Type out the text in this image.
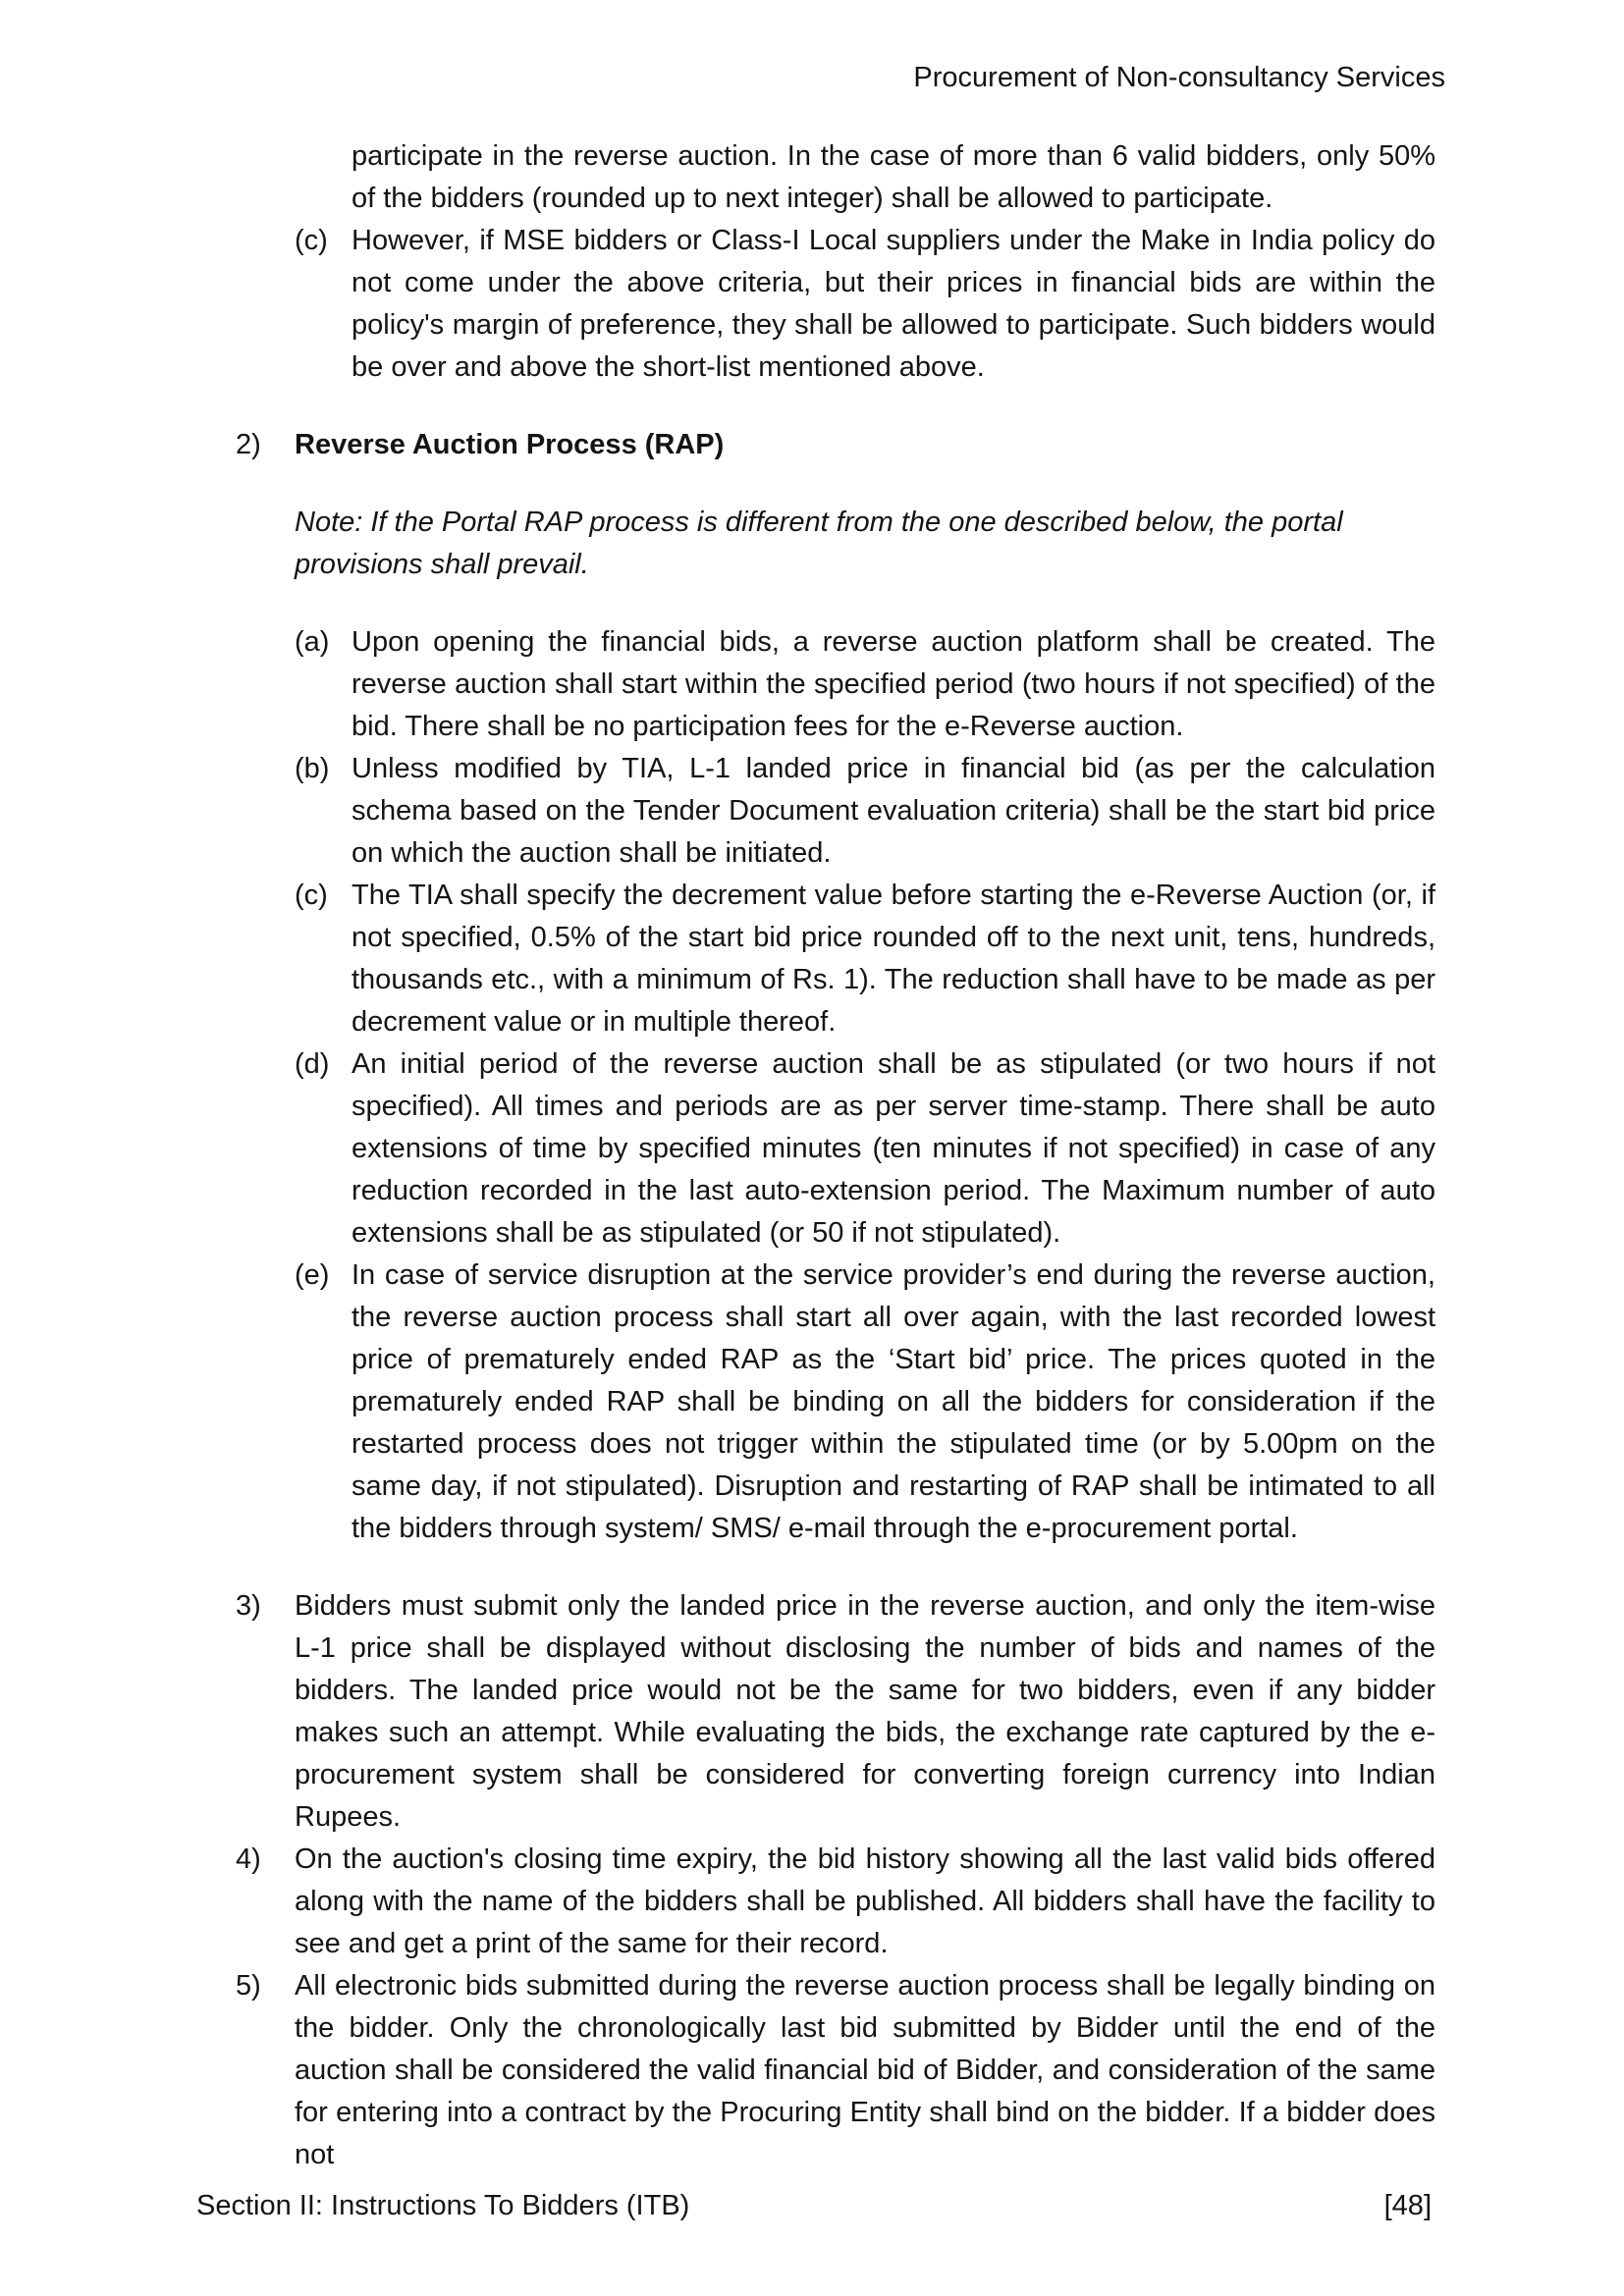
Procurement of Non-consultancy Services

participate in the reverse auction. In the case of more than 6 valid bidders, only 50% of the bidders (rounded up to next integer) shall be allowed to participate.

(c) However, if MSE bidders or Class-I Local suppliers under the Make in India policy do not come under the above criteria, but their prices in financial bids are within the policy's margin of preference, they shall be allowed to participate. Such bidders would be over and above the short-list mentioned above.
2)	Reverse Auction Process (RAP)

Note: If the Portal RAP process is different from the one described below, the portal provisions shall prevail.

(a) Upon opening the financial bids, a reverse auction platform shall be created. The reverse auction shall start within the specified period (two hours if not specified) of the bid. There shall be no participation fees for the e-Reverse auction.
(b) Unless modified by TIA, L-1 landed price in financial bid (as per the calculation schema based on the Tender Document evaluation criteria) shall be the start bid price on which the auction shall be initiated.
(c) The TIA shall specify the decrement value before starting the e-Reverse Auction (or, if not specified, 0.5% of the start bid price rounded off to the next unit, tens, hundreds, thousands etc., with a minimum of Rs. 1). The reduction shall have to be made as per decrement value or in multiple thereof.
(d) An initial period of the reverse auction shall be as stipulated (or two hours if not specified). All times and periods are as per server time-stamp. There shall be auto extensions of time by specified minutes (ten minutes if not specified) in case of any reduction recorded in the last auto-extension period. The Maximum number of auto extensions shall be as stipulated (or 50 if not stipulated).
(e) In case of service disruption at the service provider’s end during the reverse auction, the reverse auction process shall start all over again, with the last recorded lowest price of prematurely ended RAP as the ‘Start bid’ price. The prices quoted in the prematurely ended RAP shall be binding on all the bidders for consideration if the restarted process does not trigger within the stipulated time (or by 5.00pm on the same day, if not stipulated). Disruption and restarting of RAP shall be intimated to all the bidders through system/ SMS/ e-mail through the e-procurement portal.
3)	Bidders must submit only the landed price in the reverse auction, and only the item-wise L-1 price shall be displayed without disclosing the number of bids and names of the bidders. The landed price would not be the same for two bidders, even if any bidder makes such an attempt. While evaluating the bids, the exchange rate captured by the e-procurement system shall be considered for converting foreign currency into Indian Rupees.
4)	On the auction's closing time expiry, the bid history showing all the last valid bids offered along with the name of the bidders shall be published. All bidders shall have the facility to see and get a print of the same for their record.
5)	All electronic bids submitted during the reverse auction process shall be legally binding on the bidder. Only the chronologically last bid submitted by Bidder until the end of the auction shall be considered the valid financial bid of Bidder, and consideration of the same for entering into a contract by the Procuring Entity shall bind on the bidder. If a bidder does not
Section II: Instructions To Bidders (ITB)	[48]
